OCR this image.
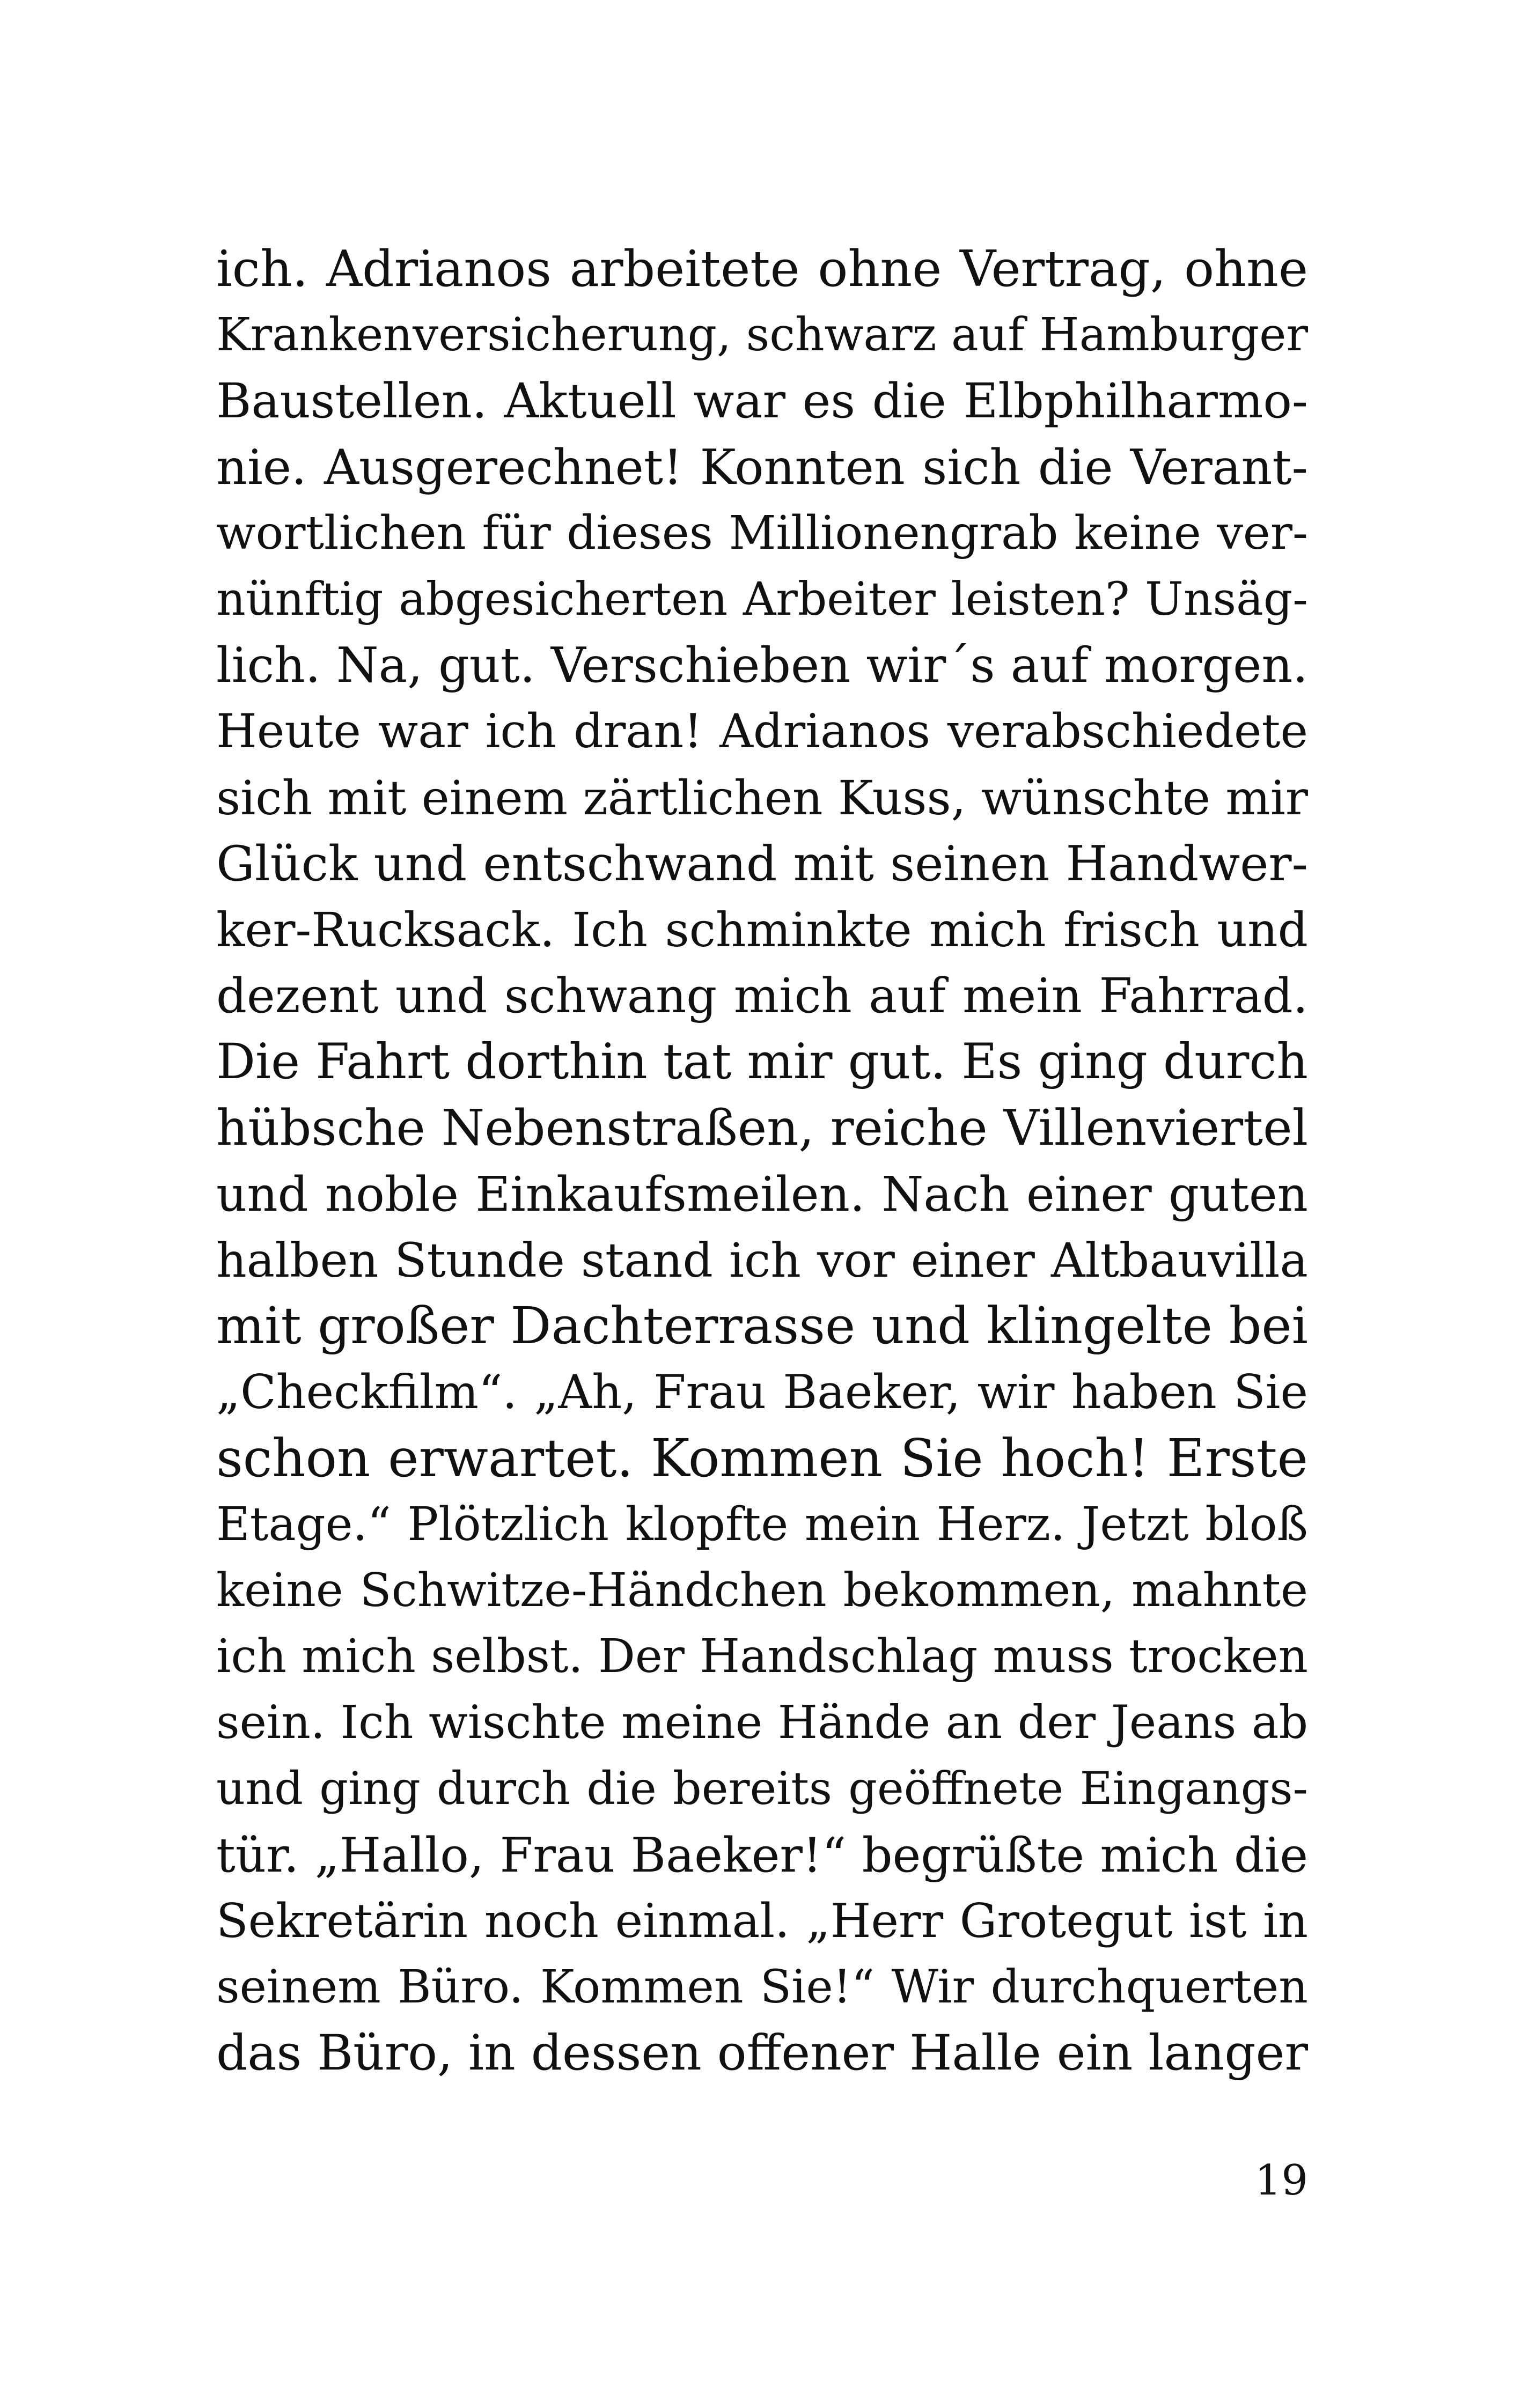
ich. Adrianos arbeitete ohne Vertrag, ohne
Krankenversicherung, schwarz auf Hamburger
Baustellen. Aktuell war es die Elbphilharmo-
nie. Ausgerechnet! Konnten sich die Verant-
wortlichen für dieses Millionengrab keine ver-
nünftig abgesicherten Arbeiter leisten? Unsäg-
lich. Na, gut. Verschieben wir´s auf morgen.
Heute war ich dran! Adrianos verabschiedete
sich mit einem zärtlichen Kuss, wünschte mir
Glück und entschwand mit seinen Handwer-
ker-Rucksack. Ich schminkte mich frisch und
dezent und schwang mich auf mein Fahrrad.
Die Fahrt dorthin tat mir gut. Es ging durch
hübsche Nebenstraßen, reiche Villenviertel
und noble Einkaufsmeilen. Nach einer guten
halben Stunde stand ich vor einer Altbauvilla
mit großer Dachterrasse und klingelte bei
„Checkfilm“. „Ah, Frau Baeker, wir haben Sie
schon erwartet. Kommen Sie hoch! Erste
Etage.“ Plötzlich klopfte mein Herz. Jetzt bloß
keine Schwitze-Händchen bekommen, mahnte
ich mich selbst. Der Handschlag muss trocken
sein. Ich wischte meine Hände an der Jeans ab
und ging durch die bereits geöffnete Eingangs-
tür. „Hallo, Frau Baeker!“ begrüßte mich die
Sekretärin noch einmal. „Herr Grotegut ist in
seinem Büro. Kommen Sie!“ Wir durchquerten
das Büro, in dessen offener Halle ein langer
19
